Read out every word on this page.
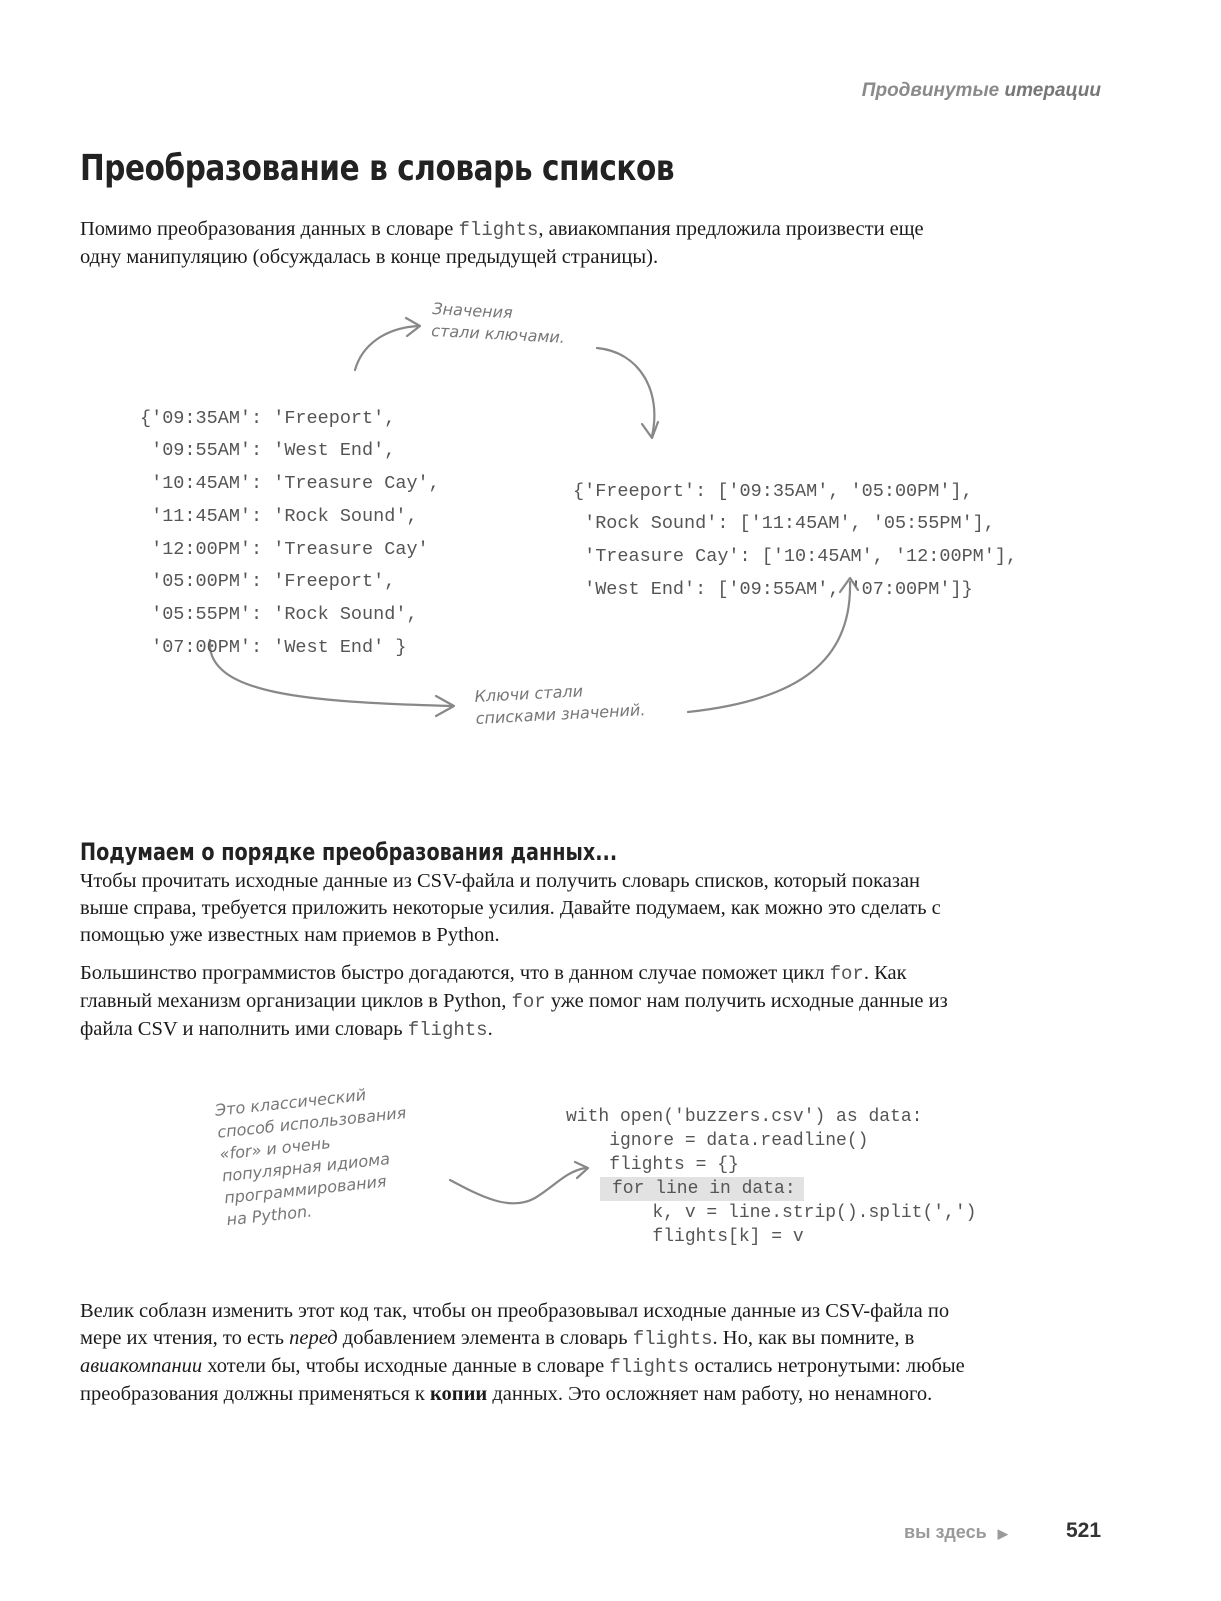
Продвинутые итерации
Преобразование в словарь списков

Помимо преобразования данных в словаре flights, авиакомпания предложила произвести еще одну манипуляцию (обсуждалась в конце предыдущей страницы).

Значения
стали ключами.
Ключи стали
списками значений.
Это классический
способ использования
«for» и очень
популярная идиома
программирования
на Python.

{'09:35AM': 'Freeport',
'09:55AM': 'West End',
'10:45AM': 'Treasure Cay',
'11:45AM': 'Rock Sound',
'12:00PM': 'Treasure Cay'
'05:00PM': 'Freeport',
'05:55PM': 'Rock Sound',
'07:00PM': 'West End' }

{'Freeport': ['09:35AM', '05:00PM'],
'Rock Sound': ['11:45AM', '05:55PM'],
'Treasure Cay': ['10:45AM', '12:00PM'],
'West End': ['09:55AM', '07:00PM']}

Подумаем о порядке преобразования данных...

Чтобы прочитать исходные данные из CSV-файла и получить словарь списков, который показан выше справа, требуется приложить некоторые усилия. Давайте подумаем, как можно это сделать с помощью уже известных нам приемов в Python.

Большинство программистов быстро догадаются, что в данном случае поможет цикл for. Как главный механизм организации циклов в Python, for уже помог нам получить исходные данные из файла CSV и наполнить ими словарь flights.

with open('buzzers.csv') as data:
ignore = data.readline()
flights = {}
for line in data:
k, v = line.strip().split(',')
flights[k] = v

Велик соблазн изменить этот код так, чтобы он преобразовывал исходные данные из CSV-файла по мере их чтения, то есть перед добавлением элемента в словарь flights. Но, как вы помните, в авиакомпании хотели бы, чтобы исходные данные в словаре flights остались нетронутыми: любые преобразования должны применяться к копии данных. Это осложняет нам работу, но ненамного.

вы здесь ▶	521
